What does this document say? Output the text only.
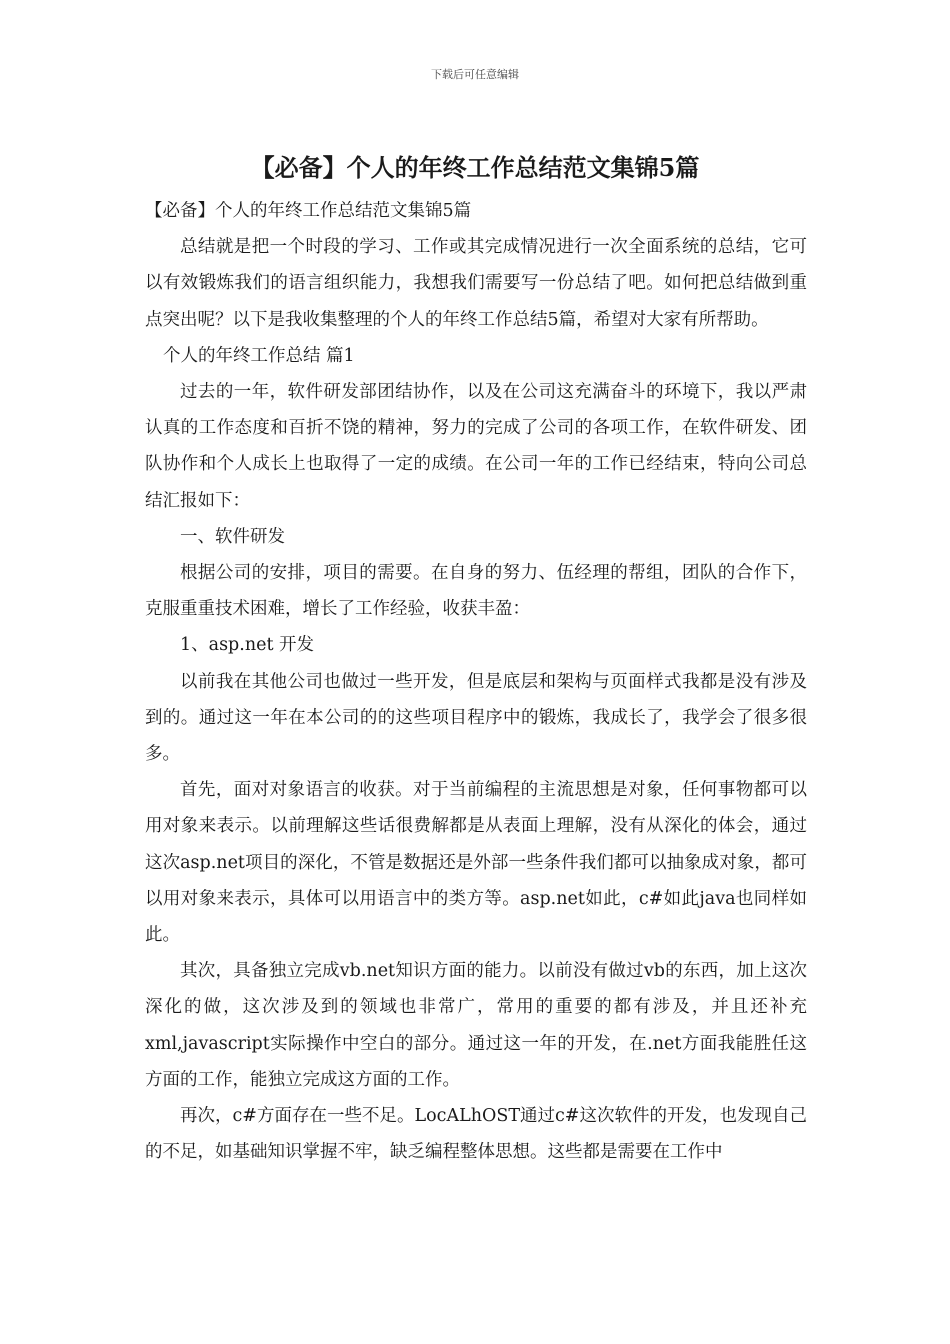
下载后可任意编辑
【必备】个人的年终工作总结范文集锦5篇

【必备】个人的年终工作总结范文集锦5篇

总结就是把一个时段的学习、工作或其完成情况进行一次全面系统的总结，它可以有效锻炼我们的语言组织能力，我想我们需要写一份总结了吧。如何把总结做到重点突出呢？以下是我收集整理的个人的年终工作总结5篇，希望对大家有所帮助。

个人的年终工作总结 篇1

过去的一年，软件研发部团结协作，以及在公司这充满奋斗的环境下，我以严肃认真的工作态度和百折不饶的精神，努力的完成了公司的各项工作，在软件研发、团队协作和个人成长上也取得了一定的成绩。在公司一年的工作已经结束，特向公司总结汇报如下：

一、软件研发

根据公司的安排，项目的需要。在自身的努力、伍经理的帮组，团队的合作下，克服重重技术困难，增长了工作经验，收获丰盈：

1、asp.net 开发

以前我在其他公司也做过一些开发，但是底层和架构与页面样式我都是没有涉及到的。通过这一年在本公司的的这些项目程序中的锻炼，我成长了，我学会了很多很多。

首先，面对对象语言的收获。对于当前编程的主流思想是对象，任何事物都可以用对象来表示。以前理解这些话很费解都是从表面上理解，没有从深化的体会，通过这次asp.net项目的深化，不管是数据还是外部一些条件我们都可以抽象成对象，都可以用对象来表示，具体可以用语言中的类方等。asp.net如此，c#如此java也同样如此。

其次，具备独立完成vb.net知识方面的能力。以前没有做过vb的东西，加上这次深化的做，这次涉及到的领域也非常广，常用的重要的都有涉及，并且还补充xml,javascript实际操作中空白的部分。通过这一年的开发，在.net方面我能胜任这方面的工作，能独立完成这方面的工作。

再次，c#方面存在一些不足。LocALhOST通过c#这次软件的开发，也发现自己的不足，如基础知识掌握不牢，缺乏编程整体思想。这些都是需要在工作中
